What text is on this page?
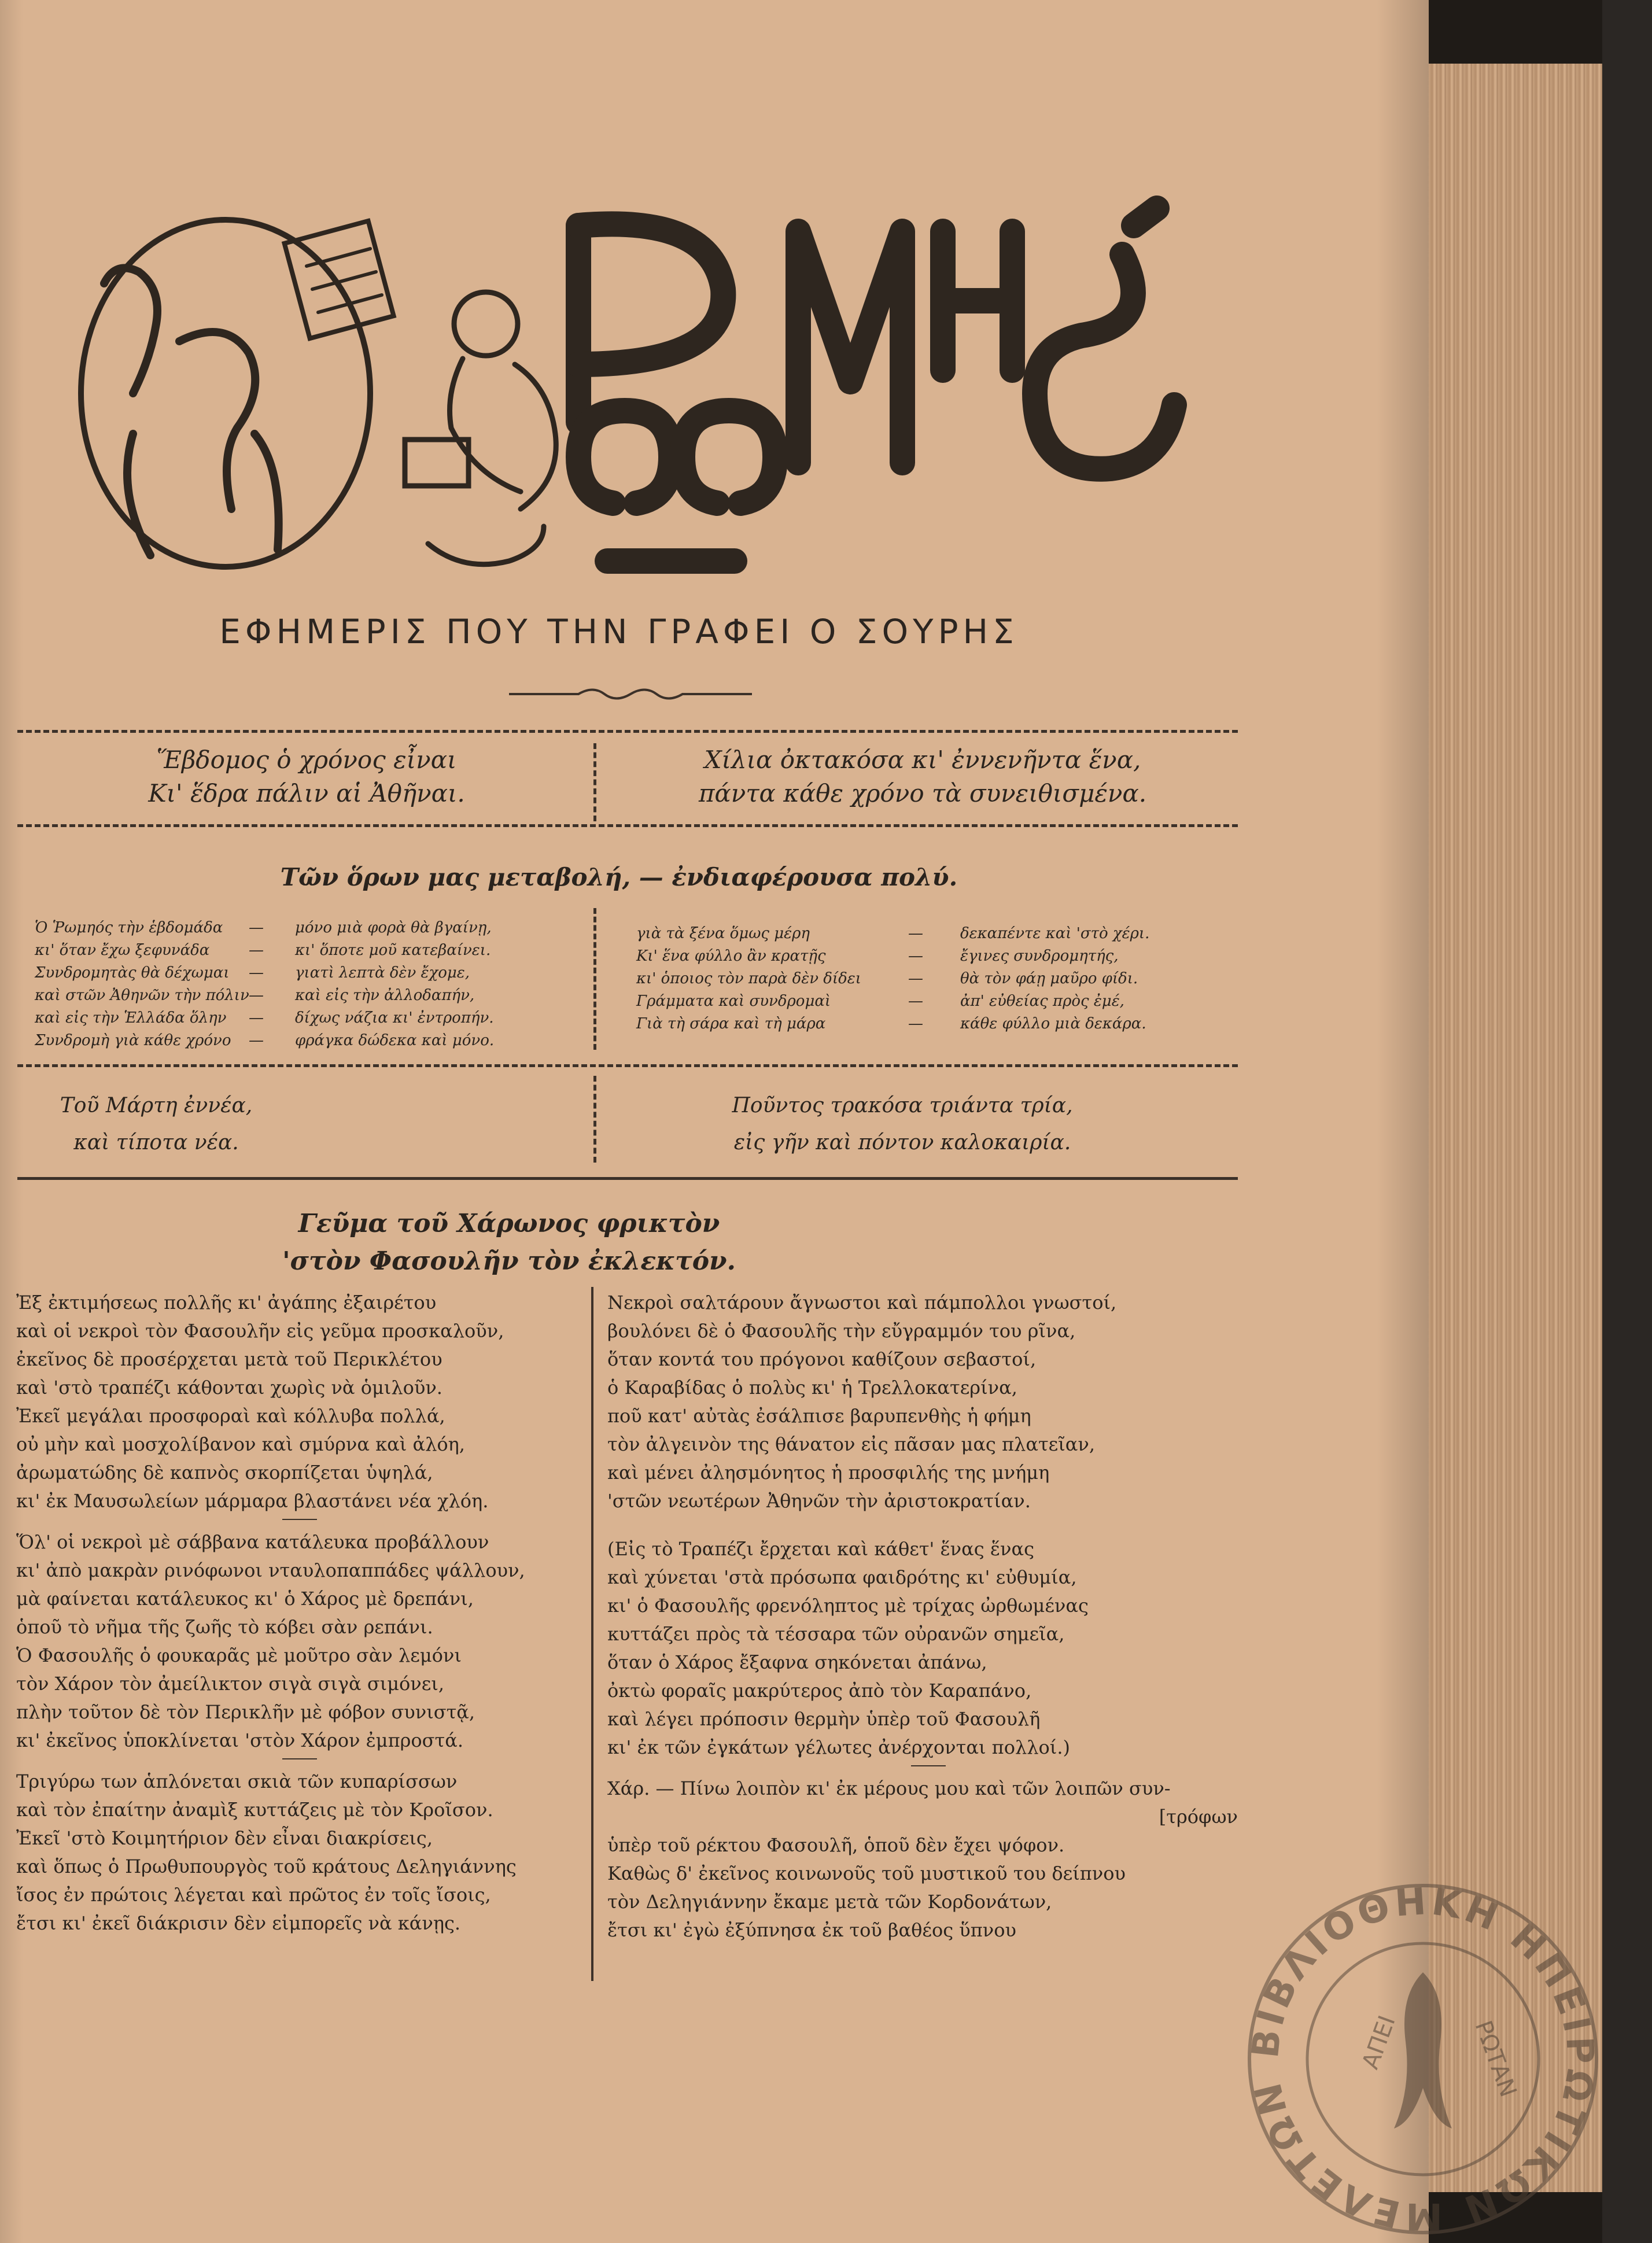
ΕΦΗΜΕΡΙΣ ΠΟΥ ΤΗΝ ΓΡΑΦΕΙ Ο ΣΟΥΡΗΣ
Ἕβδομος ὁ χρόνος εἶναι
Κι' ἕδρα πάλιν αἱ Ἀθῆναι.
Χίλια ὀκτακόσα κι' ἐννενῆντα ἕνα,
πάντα κάθε χρόνο τὰ συνειθισμένα.
Τῶν ὅρων μας μεταβολή, — ἐνδιαφέρουσα πολύ.
Ὁ Ῥωμηός τὴν ἑβδομάδα	—	μόνο μιὰ φορὰ θὰ βγαίνῃ,
κι' ὅταν ἔχω ξεφυνάδα	—	κι' ὅποτε μοῦ κατεβαίνει.
Συνδρομητὰς θὰ δέχωμαι	—	γιατὶ λεπτὰ δὲν ἔχομε,
καὶ στῶν Ἀθηνῶν τὴν πόλιν —	καὶ εἰς τὴν ἀλλοδαπήν,
καὶ εἰς τὴν Ἑλλάδα ὅλην	—	δίχως νάζια κι' ἐντροπήν.
Συνδρομὴ γιὰ κάθε χρόνο	—	φράγκα δώδεκα καὶ μόνο.
γιὰ τὰ ξένα ὅμως μέρη	—	δεκαπέντε καὶ 'στὸ χέρι.
Κι' ἕνα φύλλο ἂν κρατῇς	—	ἔγινες συνδρομητής,
κι' ὁποιος τὸν παρὰ δὲν δίδει	—	θὰ τὸν φάῃ μαῦρο φίδι.
Γράμματα καὶ συνδρομαὶ	—	ἀπ' εὐθείας πρὸς ἐμέ,
Γιὰ τὴ σάρα καὶ τὴ μάρα	—	κάθε φύλλο μιὰ δεκάρα.
Τοῦ Μάρτη ἐννέα,
καὶ τίποτα νέα.
Ποῦντος τρακόσα τριάντα τρία,
εἰς γῆν καὶ πόντον καλοκαιρία.
Γεῦμα τοῦ Χάρωνος φρικτὸν
'στὸν Φασουλῆν τὸν ἐκλεκτόν.
Ἐξ ἐκτιμήσεως πολλῆς κι' ἀγάπης ἐξαιρέτου
καὶ οἱ νεκροὶ τὸν Φασουλῆν εἰς γεῦμα προσκαλοῦν,
ἐκεῖνος δὲ προσέρχεται μετὰ τοῦ Περικλέτου
καὶ 'στὸ τραπέζι κάθονται χωρὶς νὰ ὁμιλοῦν.
Ἐκεῖ μεγάλαι προσφοραὶ καὶ κόλλυβα πολλά,
οὐ μὴν καὶ μοσχολίβανον καὶ σμύρνα καὶ ἀλόη,
ἀρωματώδης δὲ καπνὸς σκορπίζεται ὑψηλά,
κι' ἐκ Μαυσωλείων μάρμαρα βλαστάνει νέα χλόη.
Ὅλ' οἱ νεκροὶ μὲ σάββανα κατάλευκα προβάλλουν
κι' ἀπὸ μακρὰν ρινόφωνοι νταυλοπαππάδες ψάλλουν,
μὰ φαίνεται κατάλευκος κι' ὁ Χάρος μὲ δρεπάνι,
ὁποῦ τὸ νῆμα τῆς ζωῆς τὸ κόβει σὰν ρεπάνι.
Ὁ Φασουλῆς ὁ φουκαρᾶς μὲ μοῦτρο σὰν λεμόνι
τὸν Χάρον τὸν ἀμείλικτον σιγὰ σιγὰ σιμόνει,
πλὴν τοῦτον δὲ τὸν Περικλῆν μὲ φόβον συνιστᾷ,
κι' ἐκεῖνος ὑποκλίνεται 'στὸν Χάρον ἐμπροστά.
Τριγύρω των ἁπλόνεται σκιὰ τῶν κυπαρίσσων
καὶ τὸν ἐπαίτην ἀναμὶξ κυττάζεις μὲ τὸν Κροῖσον.
Ἐκεῖ 'στὸ Κοιμητήριον δὲν εἶναι διακρίσεις,
καὶ ὅπως ὁ Πρωθυπουργὸς τοῦ κράτους Δεληγιάννης
ἴσος ἐν πρώτοις λέγεται καὶ πρῶτος ἐν τοῖς ἴσοις,
ἔτσι κι' ἐκεῖ διάκρισιν δὲν εἰμπορεῖς νὰ κάνῃς.
Νεκροὶ σαλτάρουν ἄγνωστοι καὶ πάμπολλοι γνωστοί,
βουλόνει δὲ ὁ Φασουλῆς τὴν εὔγραμμόν του ρῖνα,
ὅταν κοντά του πρόγονοι καθίζουν σεβαστοί,
ὁ Καραβίδας ὁ πολὺς κι' ἡ Τρελλοκατερίνα,
ποῦ κατ' αὐτὰς ἐσάλπισε βαρυπενθὴς ἡ φήμη
τὸν ἀλγεινὸν της θάνατον εἰς πᾶσαν μας πλατεῖαν,
καὶ μένει ἀλησμόνητος ἡ προσφιλής της μνήμη
'στῶν νεωτέρων Ἀθηνῶν τὴν ἀριστοκρατίαν.
(Εἰς τὸ Τραπέζι ἔρχεται καὶ κάθετ' ἕνας ἕνας
καὶ χύνεται 'στὰ πρόσωπα φαιδρότης κι' εὐθυμία,
κι' ὁ Φασουλῆς φρενόληπτος μὲ τρίχας ὠρθωμένας
κυττάζει πρὸς τὰ τέσσαρα τῶν οὐρανῶν σημεῖα,
ὅταν ὁ Χάρος ἔξαφνα σηκόνεται ἀπάνω,
ὀκτὼ φοραῖς μακρύτερος ἀπὸ τὸν Καραπάνο,
καὶ λέγει πρόποσιν θερμὴν ὑπὲρ τοῦ Φασουλῆ
κι' ἐκ τῶν ἐγκάτων γέλωτες ἀνέρχονται πολλοί.)
Χάρ. — Πίνω λοιπὸν κι' ἐκ μέρους μου καὶ τῶν λοιπῶν συν-
[τρόφων
ὑπὲρ τοῦ ρέκτου Φασουλῆ, ὁποῦ δὲν ἔχει ψόφον.
Καθὼς δ' ἐκεῖνος κοινωνοῦς τοῦ μυστικοῦ του δείπνου
τὸν Δεληγιάννην ἔκαμε μετὰ τῶν Κορδονάτων,
ἔτσι κι' ἐγὼ ἐξύπνησα ἐκ τοῦ βαθέος ὕπνου
ΒΙΒΛΙΟΘΗΚΗ ΗΠΕΙΡΩΤΙΚΩΝ ΜΕΛΕΤΩΝ
ΑΠΕΙ	ΡΩΤΑΝ
